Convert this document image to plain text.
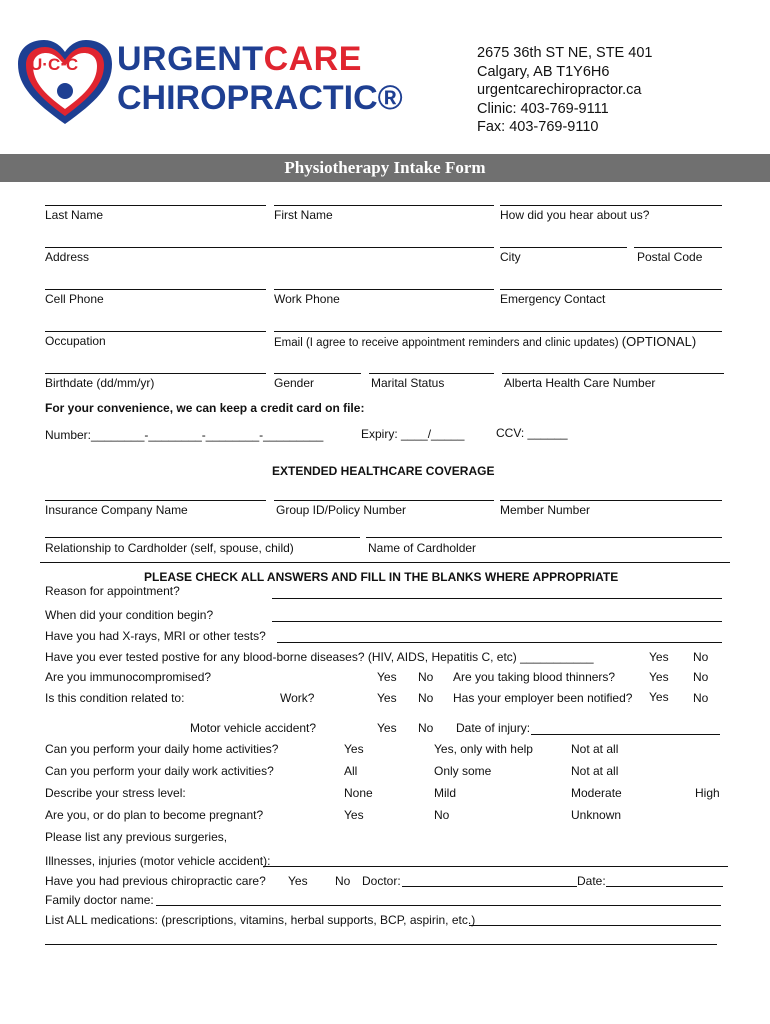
U·C·C URGENTCARE
CHIROPRACTIC®
2675 36th ST NE, STE 401
Calgary, AB T1Y6H6
urgentcarechiropractor.ca
Clinic: 403-769-9111
Fax: 403-769-9110
Physiotherapy Intake Form
Last Name	First Name	How did you hear about us?
Address	City	Postal Code
Cell Phone	Work Phone	Emergency Contact
Occupation	Email (I agree to receive appointment reminders and clinic updates) (OPTIONAL)
Birthdate (dd/mm/yr)	Gender	Marital Status	Alberta Health Care Number
For your convenience, we can keep a credit card on file:
Number:________-________-________-_________	Expiry: ____/_____	CCV: ______
EXTENDED HEALTHCARE COVERAGE
Insurance Company Name	Group ID/Policy Number	Member Number
Relationship to Cardholder (self, spouse, child)	Name of Cardholder
PLEASE CHECK ALL ANSWERS AND FILL IN THE BLANKS WHERE APPROPRIATE
Reason for appointment?
When did your condition begin?
Have you had X-rays, MRI or other tests?
Have you ever tested postive for any blood-borne diseases? (HIV, AIDS, Hepatitis C, etc) ___________	Yes No
Are you immunocompromised?	Yes No Are you taking blood thinners?	Yes No
Is this condition related to:	Work?	Yes No Has your employer been notified? Yes No
Motor vehicle accident?	Yes No Date of injury:
Can you perform your daily home activities?	Yes	Yes, only with help	Not at all
Can you perform your daily work activities?	All	Only some	Not at all
Describe your stress level:	None	Mild	Moderate	High
Are you, or do plan to become pregnant?	Yes	No	Unknown
Please list any previous surgeries,
Illnesses, injuries (motor vehicle accident):
Have you had previous chiropractic care? Yes No Doctor:	Date:
Family doctor name:
List ALL medications: (prescriptions, vitamins, herbal supports, BCP, aspirin, etc.)
